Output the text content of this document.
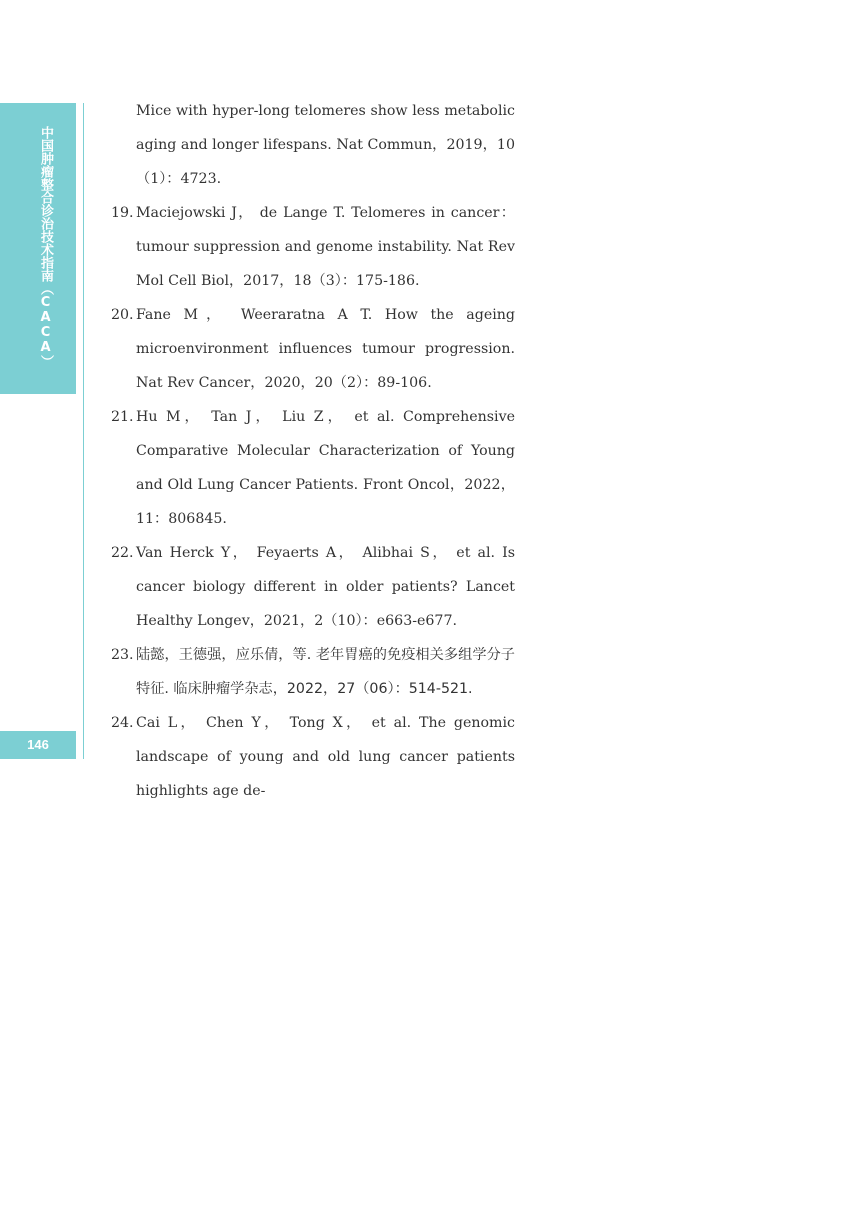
中国肿瘤整合诊治技术指南（CACA）
146
Mice with hyper-long telomeres show less metabolic aging and longer lifespans. Nat Commun，2019，10（1）：4723.
19. Maciejowski J， de Lange T. Telomeres in cancer：tumour suppression and genome instability. Nat Rev Mol Cell Biol，2017，18（3）：175-186.
20. Fane M， Weeraratna A T. How the ageing microenvironment influences tumour progression. Nat Rev Cancer，2020，20（2）：89-106.
21. Hu M， Tan J， Liu Z， et al. Comprehensive Comparative Molecular Characterization of Young and Old Lung Cancer Patients. Front Oncol，2022，11：806845.
22. Van Herck Y， Feyaerts A， Alibhai S， et al. Is cancer biology different in older patients? Lancet Healthy Longev，2021，2（10）：e663-e677.
23. 陆懿，王德强，应乐倩，等. 老年胃癌的免疫相关多组学分子特征. 临床肿瘤学杂志，2022，27（06）：514-521.
24. Cai L， Chen Y， Tong X， et al. The genomic landscape of young and old lung cancer patients highlights age de-
